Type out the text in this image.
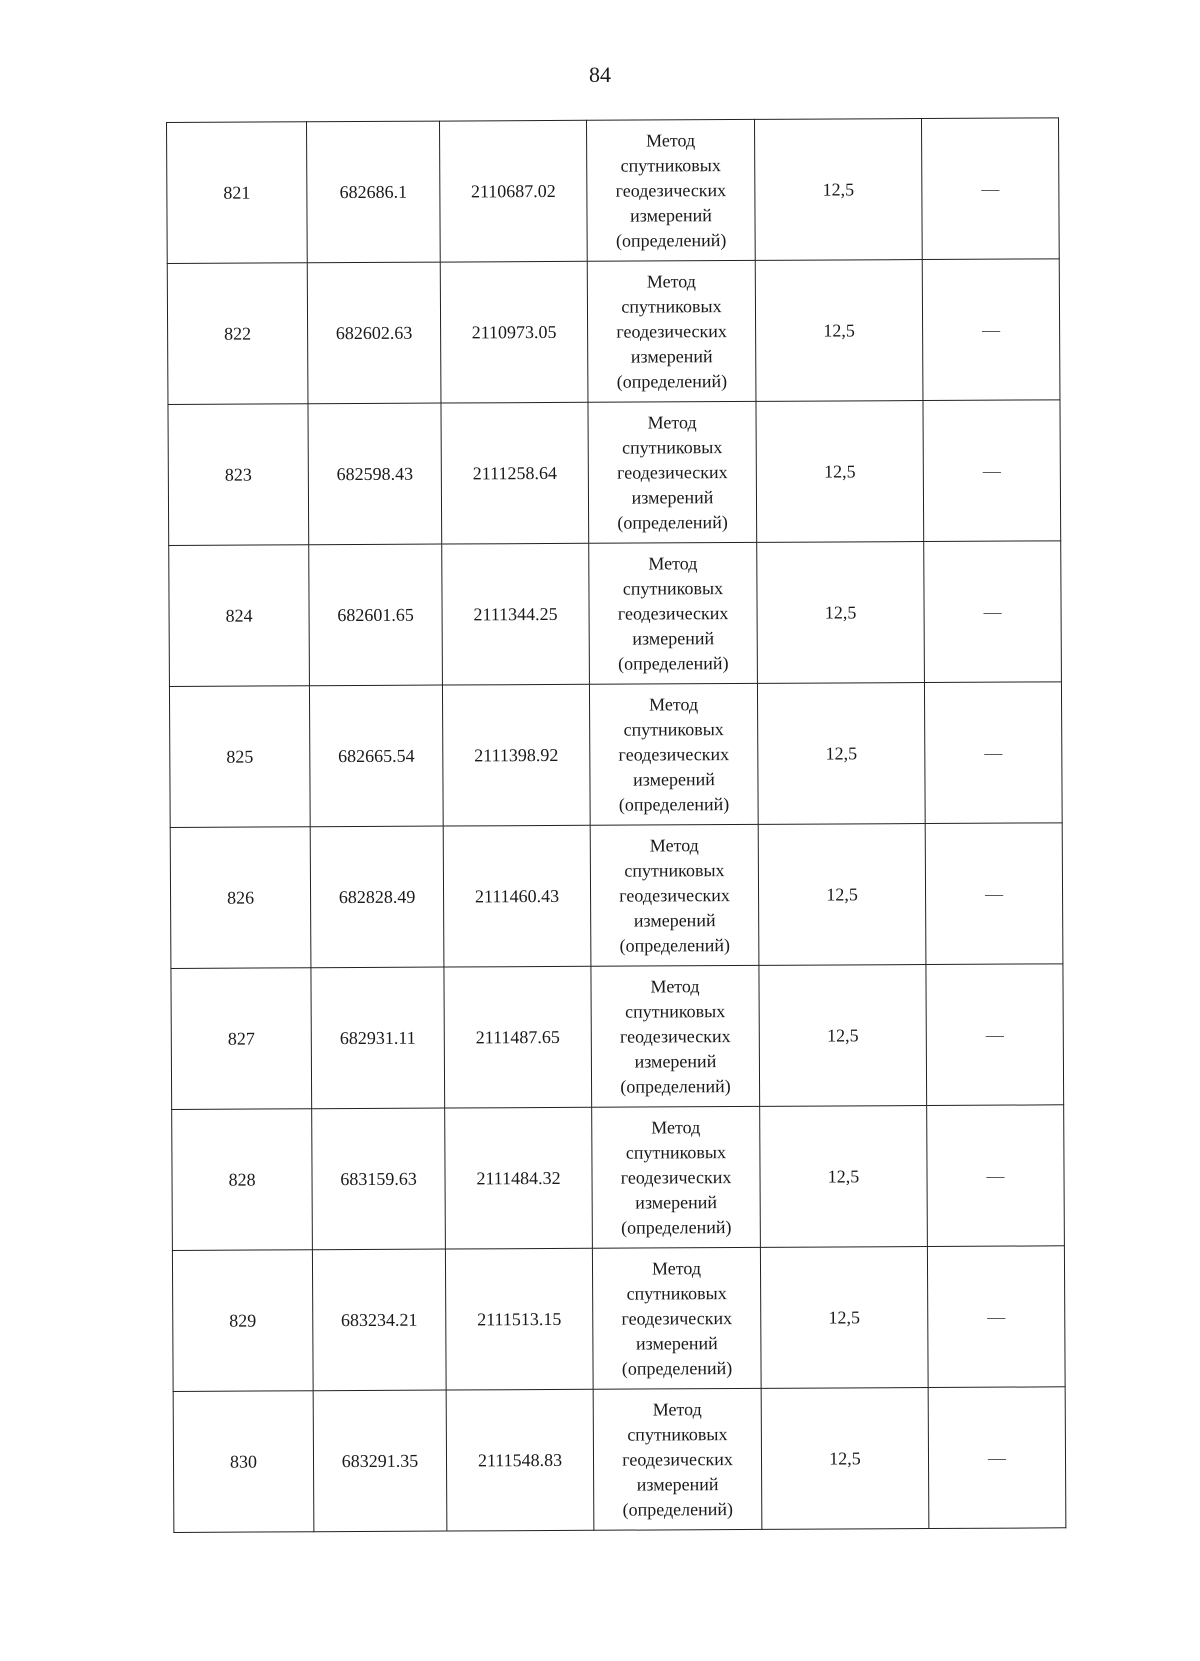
84
821	682686.1	2110687.02	Метод
спутниковых
геодезических
измерений
(определений)	12,5	—
822	682602.63	2110973.05	Метод
спутниковых
геодезических
измерений
(определений)	12,5	—
823	682598.43	2111258.64	Метод
спутниковых
геодезических
измерений
(определений)	12,5	—
824	682601.65	2111344.25	Метод
спутниковых
геодезических
измерений
(определений)	12,5	—
825	682665.54	2111398.92	Метод
спутниковых
геодезических
измерений
(определений)	12,5	—
826	682828.49	2111460.43	Метод
спутниковых
геодезических
измерений
(определений)	12,5	—
827	682931.11	2111487.65	Метод
спутниковых
геодезических
измерений
(определений)	12,5	—
828	683159.63	2111484.32	Метод
спутниковых
геодезических
измерений
(определений)	12,5	—
829	683234.21	2111513.15	Метод
спутниковых
геодезических
измерений
(определений)	12,5	—
830	683291.35	2111548.83	Метод
спутниковых
геодезических
измерений
(определений)	12,5	—
